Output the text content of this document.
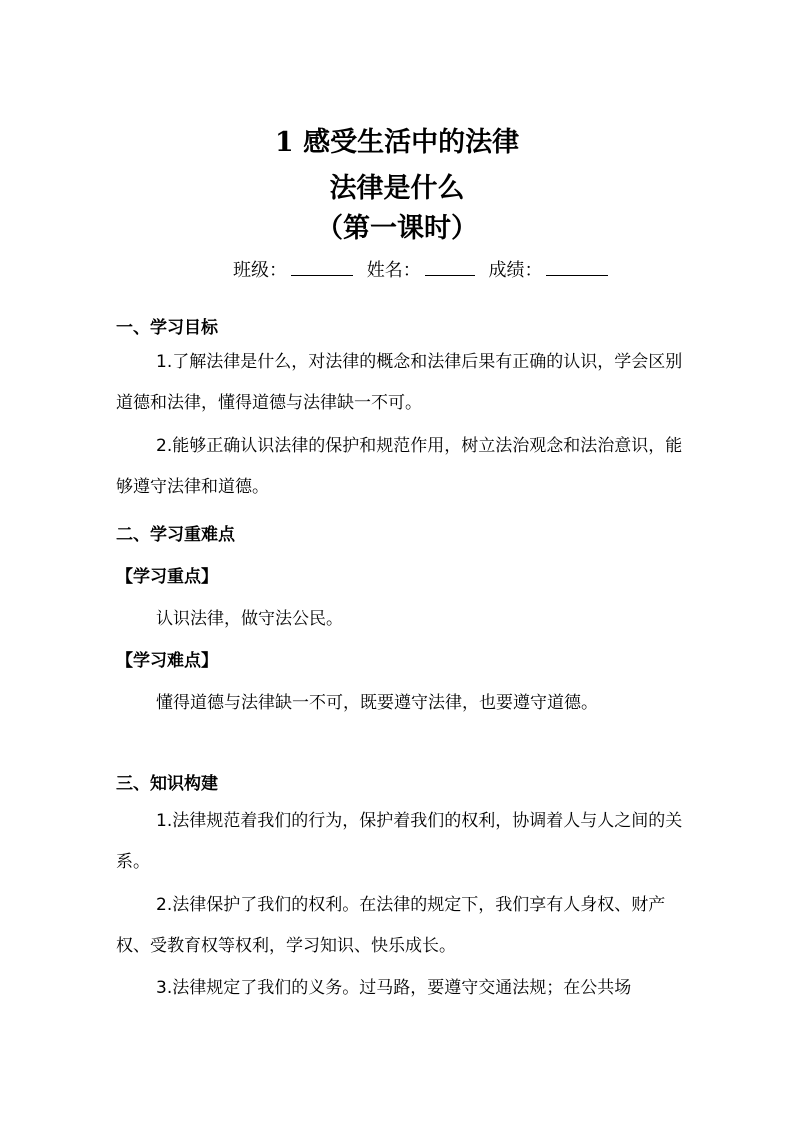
1 感受生活中的法律
法律是什么
（第一课时）
班级：	姓名：	成绩：
一、学习目标
1.了解法律是什么，对法律的概念和法律后果有正确的认识，学会区别道德和法律，懂得道德与法律缺一不可。
2.能够正确认识法律的保护和规范作用，树立法治观念和法治意识，能够遵守法律和道德。
二、学习重难点
【学习重点】
认识法律，做守法公民。
【学习难点】
懂得道德与法律缺一不可，既要遵守法律，也要遵守道德。
三、知识构建
1.法律规范着我们的行为，保护着我们的权利，协调着人与人之间的关系。
2.法律保护了我们的权利。在法律的规定下，我们享有人身权、财产权、受教育权等权利，学习知识、快乐成长。
3.法律规定了我们的义务。过马路，要遵守交通法规；在公共场
